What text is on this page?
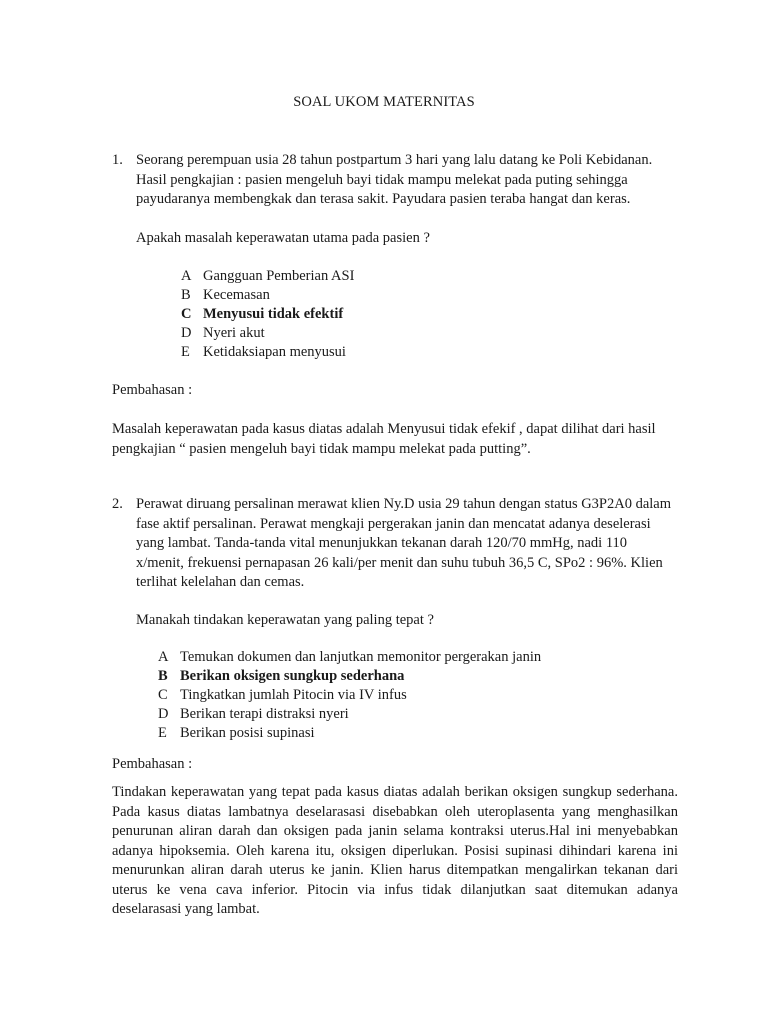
SOAL UKOM MATERNITAS
1. Seorang perempuan usia 28 tahun postpartum 3 hari yang lalu datang ke Poli Kebidanan. Hasil pengkajian : pasien mengeluh bayi tidak mampu melekat pada puting sehingga payudaranya membengkak dan terasa sakit. Payudara pasien teraba hangat dan keras.

Apakah masalah keperawatan utama pada pasien ?

A Gangguan Pemberian ASI
B Kecemasan
C Menyusui tidak efektif
D Nyeri akut
E Ketidaksiapan menyusui

Pembahasan :

Masalah keperawatan pada kasus diatas adalah Menyusui tidak efekif , dapat dilihat dari hasil pengkajian “ pasien mengeluh bayi tidak mampu melekat pada putting”.

2. Perawat diruang persalinan merawat klien Ny.D usia 29 tahun dengan status G3P2A0 dalam fase aktif persalinan. Perawat mengkaji pergerakan janin dan mencatat adanya deselerasi yang lambat. Tanda-tanda vital menunjukkan tekanan darah 120/70 mmHg, nadi 110 x/menit, frekuensi pernapasan 26 kali/per menit dan suhu tubuh 36,5 C, SPo2 : 96%. Klien terlihat kelelahan dan cemas.

Manakah tindakan keperawatan yang paling tepat ?

A Temukan dokumen dan lanjutkan memonitor pergerakan janin
B Berikan oksigen sungkup sederhana
C Tingkatkan jumlah Pitocin via IV infus
D Berikan terapi distraksi nyeri
E Berikan posisi supinasi

Pembahasan :

Tindakan keperawatan yang tepat pada kasus diatas adalah berikan oksigen sungkup sederhana. Pada kasus diatas lambatnya deselarasasi disebabkan oleh uteroplasenta yang menghasilkan penurunan aliran darah dan oksigen pada janin selama kontraksi uterus.Hal ini menyebabkan adanya hipoksemia. Oleh karena itu, oksigen diperlukan. Posisi supinasi dihindari karena ini menurunkan aliran darah uterus ke janin. Klien harus ditempatkan mengalirkan tekanan dari uterus ke vena cava inferior. Pitocin via infus tidak dilanjutkan saat ditemukan adanya deselarasasi yang lambat.
